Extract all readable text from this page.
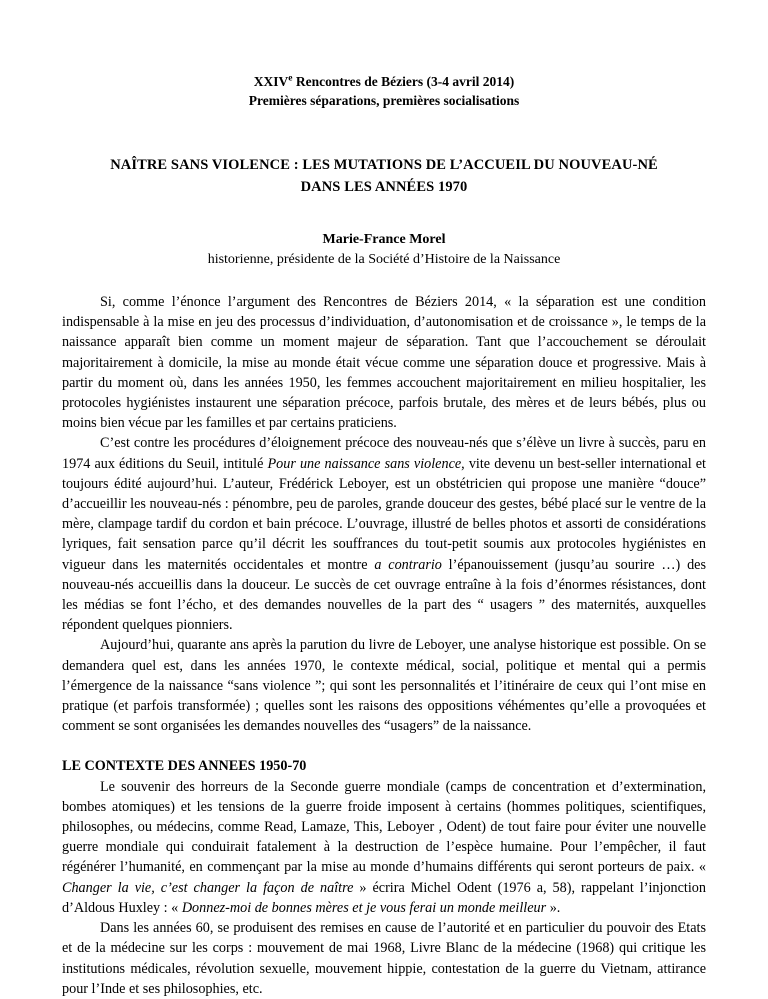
XXIVe Rencontres de Béziers (3-4 avril 2014)
Premières séparations, premières socialisations
NAÎTRE SANS VIOLENCE : LES MUTATIONS DE L’ACCUEIL DU NOUVEAU-NÉ
DANS LES ANNÉES 1970
Marie-France Morel
historienne, présidente de la Société d’Histoire de la Naissance

Si, comme l’énonce l’argument des Rencontres de Béziers 2014, « la séparation est une condition indispensable à la mise en jeu des processus d’individuation, d’autonomisation et de croissance », le temps de la naissance apparaît bien comme un moment majeur de séparation. Tant que l’accouchement se déroulait majoritairement à domicile, la mise au monde était vécue comme une séparation douce et progressive. Mais à partir du moment où, dans les années 1950, les femmes accouchent majoritairement en milieu hospitalier, les protocoles hygiénistes instaurent une séparation précoce, parfois brutale, des mères et de leurs bébés, plus ou moins bien vécue par les familles et par certains praticiens.

C’est contre les procédures d’éloignement précoce des nouveau-nés que s’élève un livre à succès, paru en 1974 aux éditions du Seuil, intitulé Pour une naissance sans violence, vite devenu un best-seller international et toujours édité aujourd’hui. L’auteur, Frédérick Leboyer, est un obstétricien qui propose une manière “douce” d’accueillir les nouveau-nés : pénombre, peu de paroles, grande douceur des gestes, bébé placé sur le ventre de la mère, clampage tardif du cordon et bain précoce. L’ouvrage, illustré de belles photos et assorti de considérations lyriques, fait sensation parce qu’il décrit les souffrances du tout-petit soumis aux protocoles hygiénistes en vigueur dans les maternités occidentales et montre a contrario l’épanouissement (jusqu’au sourire …) des nouveau-nés accueillis dans la douceur. Le succès de cet ouvrage entraîne à la fois d’énormes résistances, dont les médias se font l’écho, et des demandes nouvelles de la part des “ usagers ” des maternités, auxquelles répondent quelques pionniers.

Aujourd’hui, quarante ans après la parution du livre de Leboyer, une analyse historique est possible. On se demandera quel est, dans les années 1970, le contexte médical, social, politique et mental qui a permis l’émergence de la naissance “sans violence ”; qui sont les personnalités et l’itinéraire de ceux qui l’ont mise en pratique (et parfois transformée) ; quelles sont les raisons des oppositions véhémentes qu’elle a provoquées et comment se sont organisées les demandes nouvelles des “usagers” de la naissance.

LE CONTEXTE DES ANNEES 1950-70

Le souvenir des horreurs de la Seconde guerre mondiale (camps de concentration et d’extermination, bombes atomiques) et les tensions de la guerre froide imposent à certains (hommes politiques, scientifiques, philosophes, ou médecins, comme Read, Lamaze, This, Leboyer , Odent) de tout faire pour éviter une nouvelle guerre mondiale qui conduirait fatalement à la destruction de l’espèce humaine. Pour l’empêcher, il faut régénérer l’humanité, en commençant par la mise au monde d’humains différents qui seront porteurs de paix. « Changer la vie, c’est changer la façon de naître » écrira Michel Odent (1976 a, 58), rappelant l’injonction d’Aldous Huxley : « Donnez-moi de bonnes mères et je vous ferai un monde meilleur ».

Dans les années 60, se produisent des remises en cause de l’autorité et en particulier du pouvoir des Etats et de la médecine sur les corps : mouvement de mai 1968, Livre Blanc de la médecine (1968) qui critique les institutions médicales, révolution sexuelle, mouvement hippie, contestation de la guerre du Vietnam, attirance pour l’Inde et ses philosophies, etc.
